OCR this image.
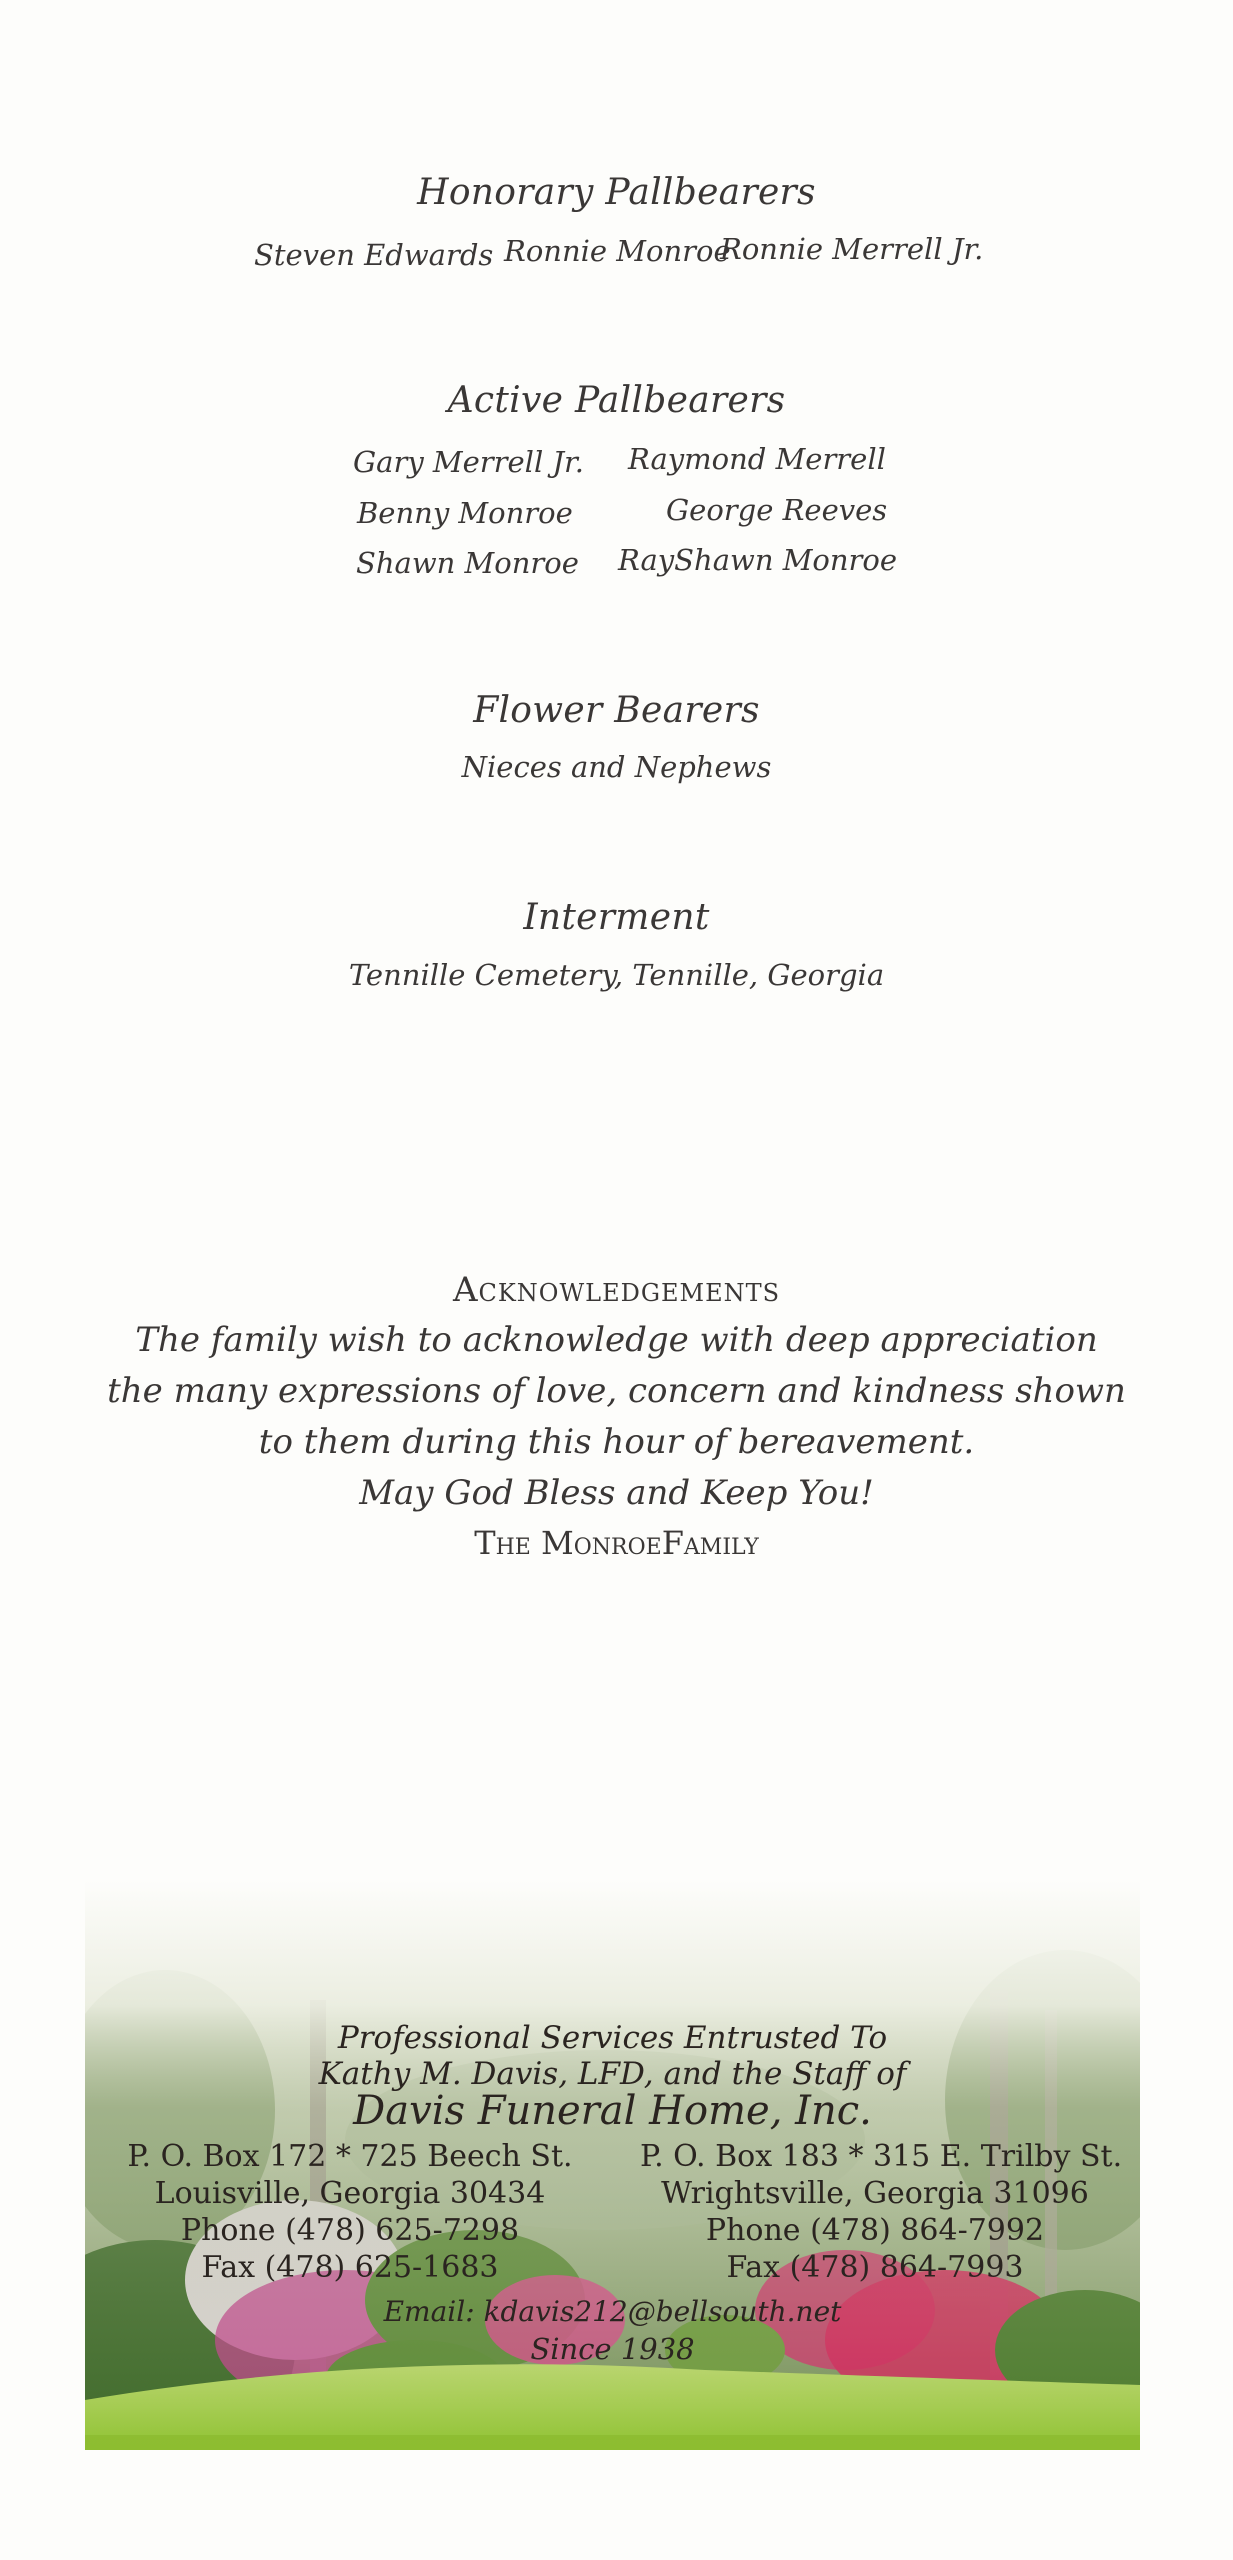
Honorary Pallbearers
Steven Edwards Ronnie Monroe
Ronnie Merrell Jr.
Active Pallbearers
Gary Merrell Jr.
Benny Monroe
Shawn Monroe
Raymond Merrell
George Reeves
RayShawn Monroe
Flower Bearers
Nieces and Nephews
Interment
Tennille Cemetery, Tennille, Georgia
Acknowledgements
The family wish to acknowledge with deep appreciation
the many expressions of love, concern and kindness shown
to them during this hour of bereavement.
May God Bless and Keep You!
The MonroeFamily
Professional Services Entrusted To
Kathy M. Davis, LFD, and the Staff of
Davis Funeral Home, Inc.
P. O. Box 172 * 725 Beech St.
Louisville, Georgia 30434
Phone (478) 625-7298
Fax (478) 625-1683
P. O. Box 183 * 315 E. Trilby St.
Wrightsville, Georgia 31096
Phone (478) 864-7992
Fax (478) 864-7993
Email: kdavis212@bellsouth.net
Since 1938
